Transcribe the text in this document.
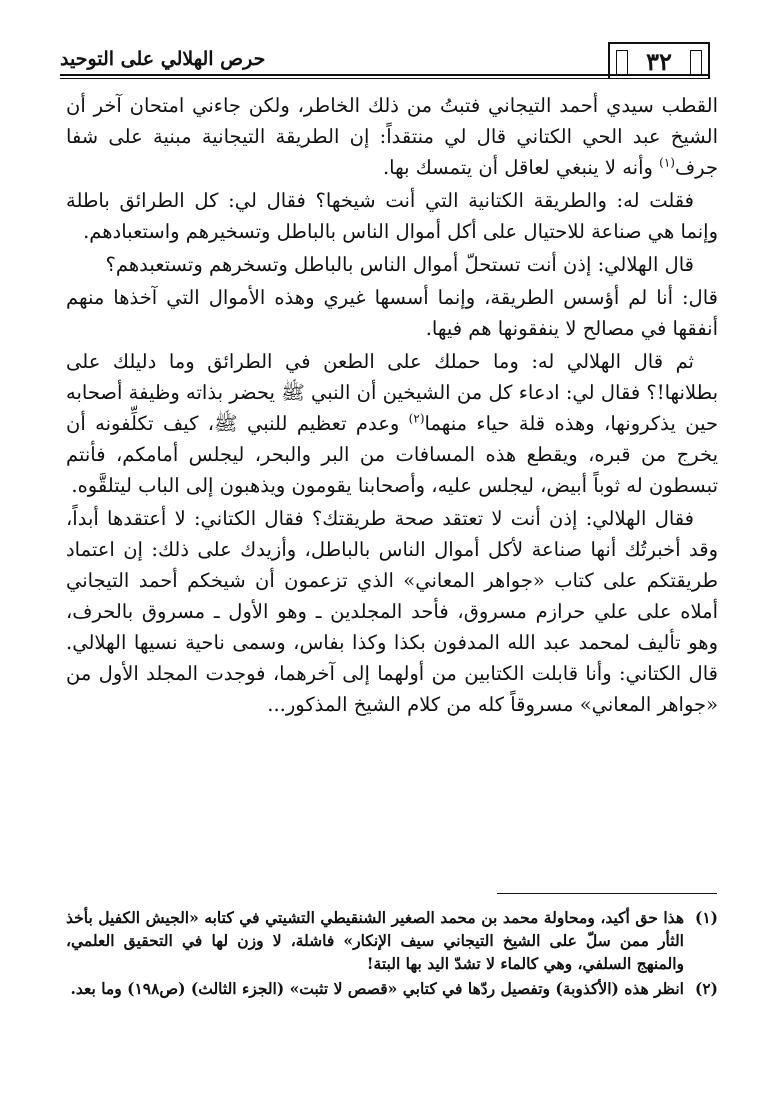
٣٢
حرص الهلالي على التوحيد

القطب سيدي أحمد التيجاني فتبتُ من ذلك الخاطر، ولكن جاءني امتحان آخر أن الشيخ عبد الحي الكتاني قال لي منتقداً: إن الطريقة التيجانية مبنية على شفا جرف$^{(١)}$ وأنه لا ينبغي لعاقل أن يتمسك بها.

فقلت له: والطريقة الكتانية التي أنت شيخها؟ فقال لي: كل الطرائق باطلة وإنما هي صناعة للاحتيال على أكل أموال الناس بالباطل وتسخيرهم واستعبادهم.

قال الهلالي: إذن أنت تستحلّ أموال الناس بالباطل وتسخرهم وتستعبدهم؟

قال: أنا لم أؤسس الطريقة، وإنما أسسها غيري وهذه الأموال التي آخذها منهم أنفقها في مصالح لا ينفقونها هم فيها.

ثم قال الهلالي له: وما حملك على الطعن في الطرائق وما دليلك على بطلانها!؟ فقال لي: ادعاء كل من الشيخين أن النبي ﷺ يحضر بذاته وظيفة أصحابه حين يذكرونها، وهذه قلة حياء منهما$^{(٢)}$ وعدم تعظيم للنبي ﷺ، كيف تكلِّفونه أن يخرج من قبره، ويقطع هذه المسافات من البر والبحر، ليجلس أمامكم، فأنتم تبسطون له ثوباً أبيض، ليجلس عليه، وأصحابنا يقومون ويذهبون إلى الباب ليتلقَّوه.

فقال الهلالي: إذن أنت لا تعتقد صحة طريقتك؟ فقال الكتاني: لا أعتقدها أبداً، وقد أخبرتُك أنها صناعة لأكل أموال الناس بالباطل، وأزيدك على ذلك: إن اعتماد طريقتكم على كتاب «جواهر المعاني» الذي تزعمون أن شيخكم أحمد التيجاني أملاه على علي حرازم مسروق، فأحد المجلدين ـ وهو الأول ـ مسروق بالحرف، وهو تأليف لمحمد عبد الله المدفون بكذا وكذا بفاس، وسمى ناحية نسيها الهلالي. قال الكتاني: وأنا قابلت الكتابين من أولهما إلى آخرهما، فوجدت المجلد الأول من «جواهر المعاني» مسروقاً كله من كلام الشيخ المذكور...

(١)
هذا حق أكيد، ومحاولة محمد بن محمد الصغير الشنقيطي التشيتي في كتابه «الجيش الكفيل بأخذ الثأر ممن سلّ على الشيخ التيجاني سيف الإنكار» فاشلة، لا وزن لها في التحقيق العلمي، والمنهج السلفي، وهي كالماء لا تشدّ اليد بها البتة!
(٢)
انظر هذه (الأكذوبة) وتفصيل ردّها في كتابي «قصص لا تثبت» (الجزء الثالث) (ص١٩٨) وما بعد.
